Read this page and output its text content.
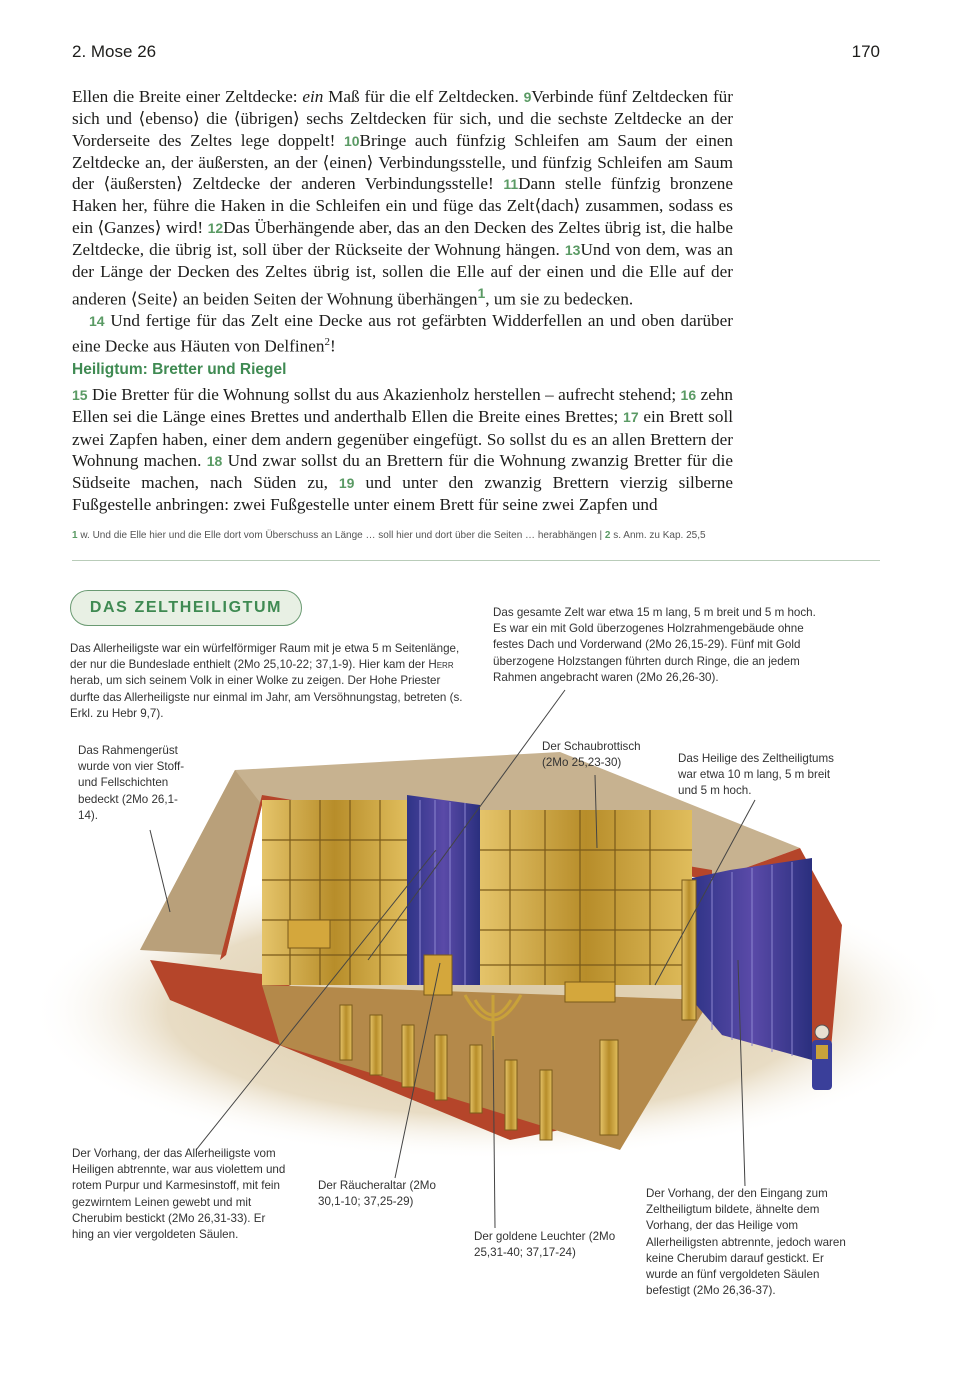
2. Mose 26	170

Ellen die Breite einer Zeltdecke: ein Maß für die elf Zeltdecken. 9Verbinde fünf Zeltdecken für sich und ⟨ebenso⟩ die ⟨übrigen⟩ sechs Zeltdecken für sich, und die sechste Zeltdecke an der Vorderseite des Zeltes lege doppelt! 10Bringe auch fünfzig Schleifen am Saum der einen Zeltdecke an, der äußersten, an der ⟨einen⟩ Verbindungsstelle, und fünfzig Schleifen am Saum der ⟨äußersten⟩ Zeltdecke der anderen Verbindungsstelle! 11Dann stelle fünfzig bronzene Haken her, führe die Haken in die Schleifen ein und füge das Zelt⟨dach⟩ zusammen, sodass es ein ⟨Ganzes⟩ wird! 12Das Überhängende aber, das an den Decken des Zeltes übrig ist, die halbe Zeltdecke, die übrig ist, soll über der Rückseite der Wohnung hängen. 13Und von dem, was an der Länge der Decken des Zeltes übrig ist, sollen die Elle auf der einen und die Elle auf der anderen ⟨Seite⟩ an beiden Seiten der Wohnung überhängen$^1$, um sie zu bedecken.

14 Und fertige für das Zelt eine Decke aus rot gefärbten Widderfellen an und oben darüber eine Decke aus Häuten von Delfinen$^2$!

Heiligtum: Bretter und Riegel

15 Die Bretter für die Wohnung sollst du aus Akazienholz herstellen – aufrecht stehend; 16 zehn Ellen sei die Länge eines Brettes und anderthalb Ellen die Breite eines Brettes; 17 ein Brett soll zwei Zapfen haben, einer dem andern gegenüber eingefügt. So sollst du es an allen Brettern der Wohnung machen. 18 Und zwar sollst du an Brettern für die Wohnung zwanzig Bretter für die Südseite machen, nach Süden zu, 19 und unter den zwanzig Brettern vierzig silberne Fußgestelle anbringen: zwei Fußgestelle unter einem Brett für seine zwei Zapfen und

1 w. Und die Elle hier und die Elle dort vom Überschuss an Länge … soll hier und dort über die Seiten … herabhängen | 2 s. Anm. zu Kap. 25,5
DAS ZELTHEILIGTUM
Das Allerheiligste war ein würfelförmiger Raum mit je etwa 5 m Seitenlänge, der nur die Bundeslade enthielt (2Mo 25,10-22; 37,1-9). Hier kam der Herr herab, um sich seinem Volk in einer Wolke zu zeigen. Der Hohe Priester durfte das Allerheiligste nur einmal im Jahr, am Versöhnungstag, betreten (s. Erkl. zu Hebr 9,7).
Das gesamte Zelt war etwa 15 m lang, 5 m breit und 5 m hoch. Es war ein mit Gold überzogenes Holzrahmengebäude ohne festes Dach und Vorderwand (2Mo 26,15-29). Fünf mit Gold überzogene Holzstangen führten durch Ringe, die an jedem Rahmen angebracht waren (2Mo 26,26-30).
Das Rahmengerüst wurde von vier Stoff- und Fellschichten bedeckt (2Mo 26,1-14).
Der Schaubrottisch (2Mo 25,23-30)	Das Heilige des Zeltheiligtums war etwa 10 m lang, 5 m breit und 5 m hoch.
Der Vorhang, der das Allerheiligste vom Heiligen abtrennte, war aus violettem und rotem Purpur und Karmesinstoff, mit fein gezwirntem Leinen gewebt und mit Cherubim bestickt (2Mo 26,31-33). Er hing an vier vergoldeten Säulen.
Der Räucheraltar (2Mo 30,1-10; 37,25-29)
Der goldene Leuchter (2Mo 25,31-40; 37,17-24)
Der Vorhang, der den Eingang zum Zeltheiligtum bildete, ähnelte dem Vorhang, der das Heilige vom Allerheiligsten abtrennte, jedoch waren keine Cherubim darauf gestickt. Er wurde an fünf vergoldeten Säulen befestigt (2Mo 26,36-37).
